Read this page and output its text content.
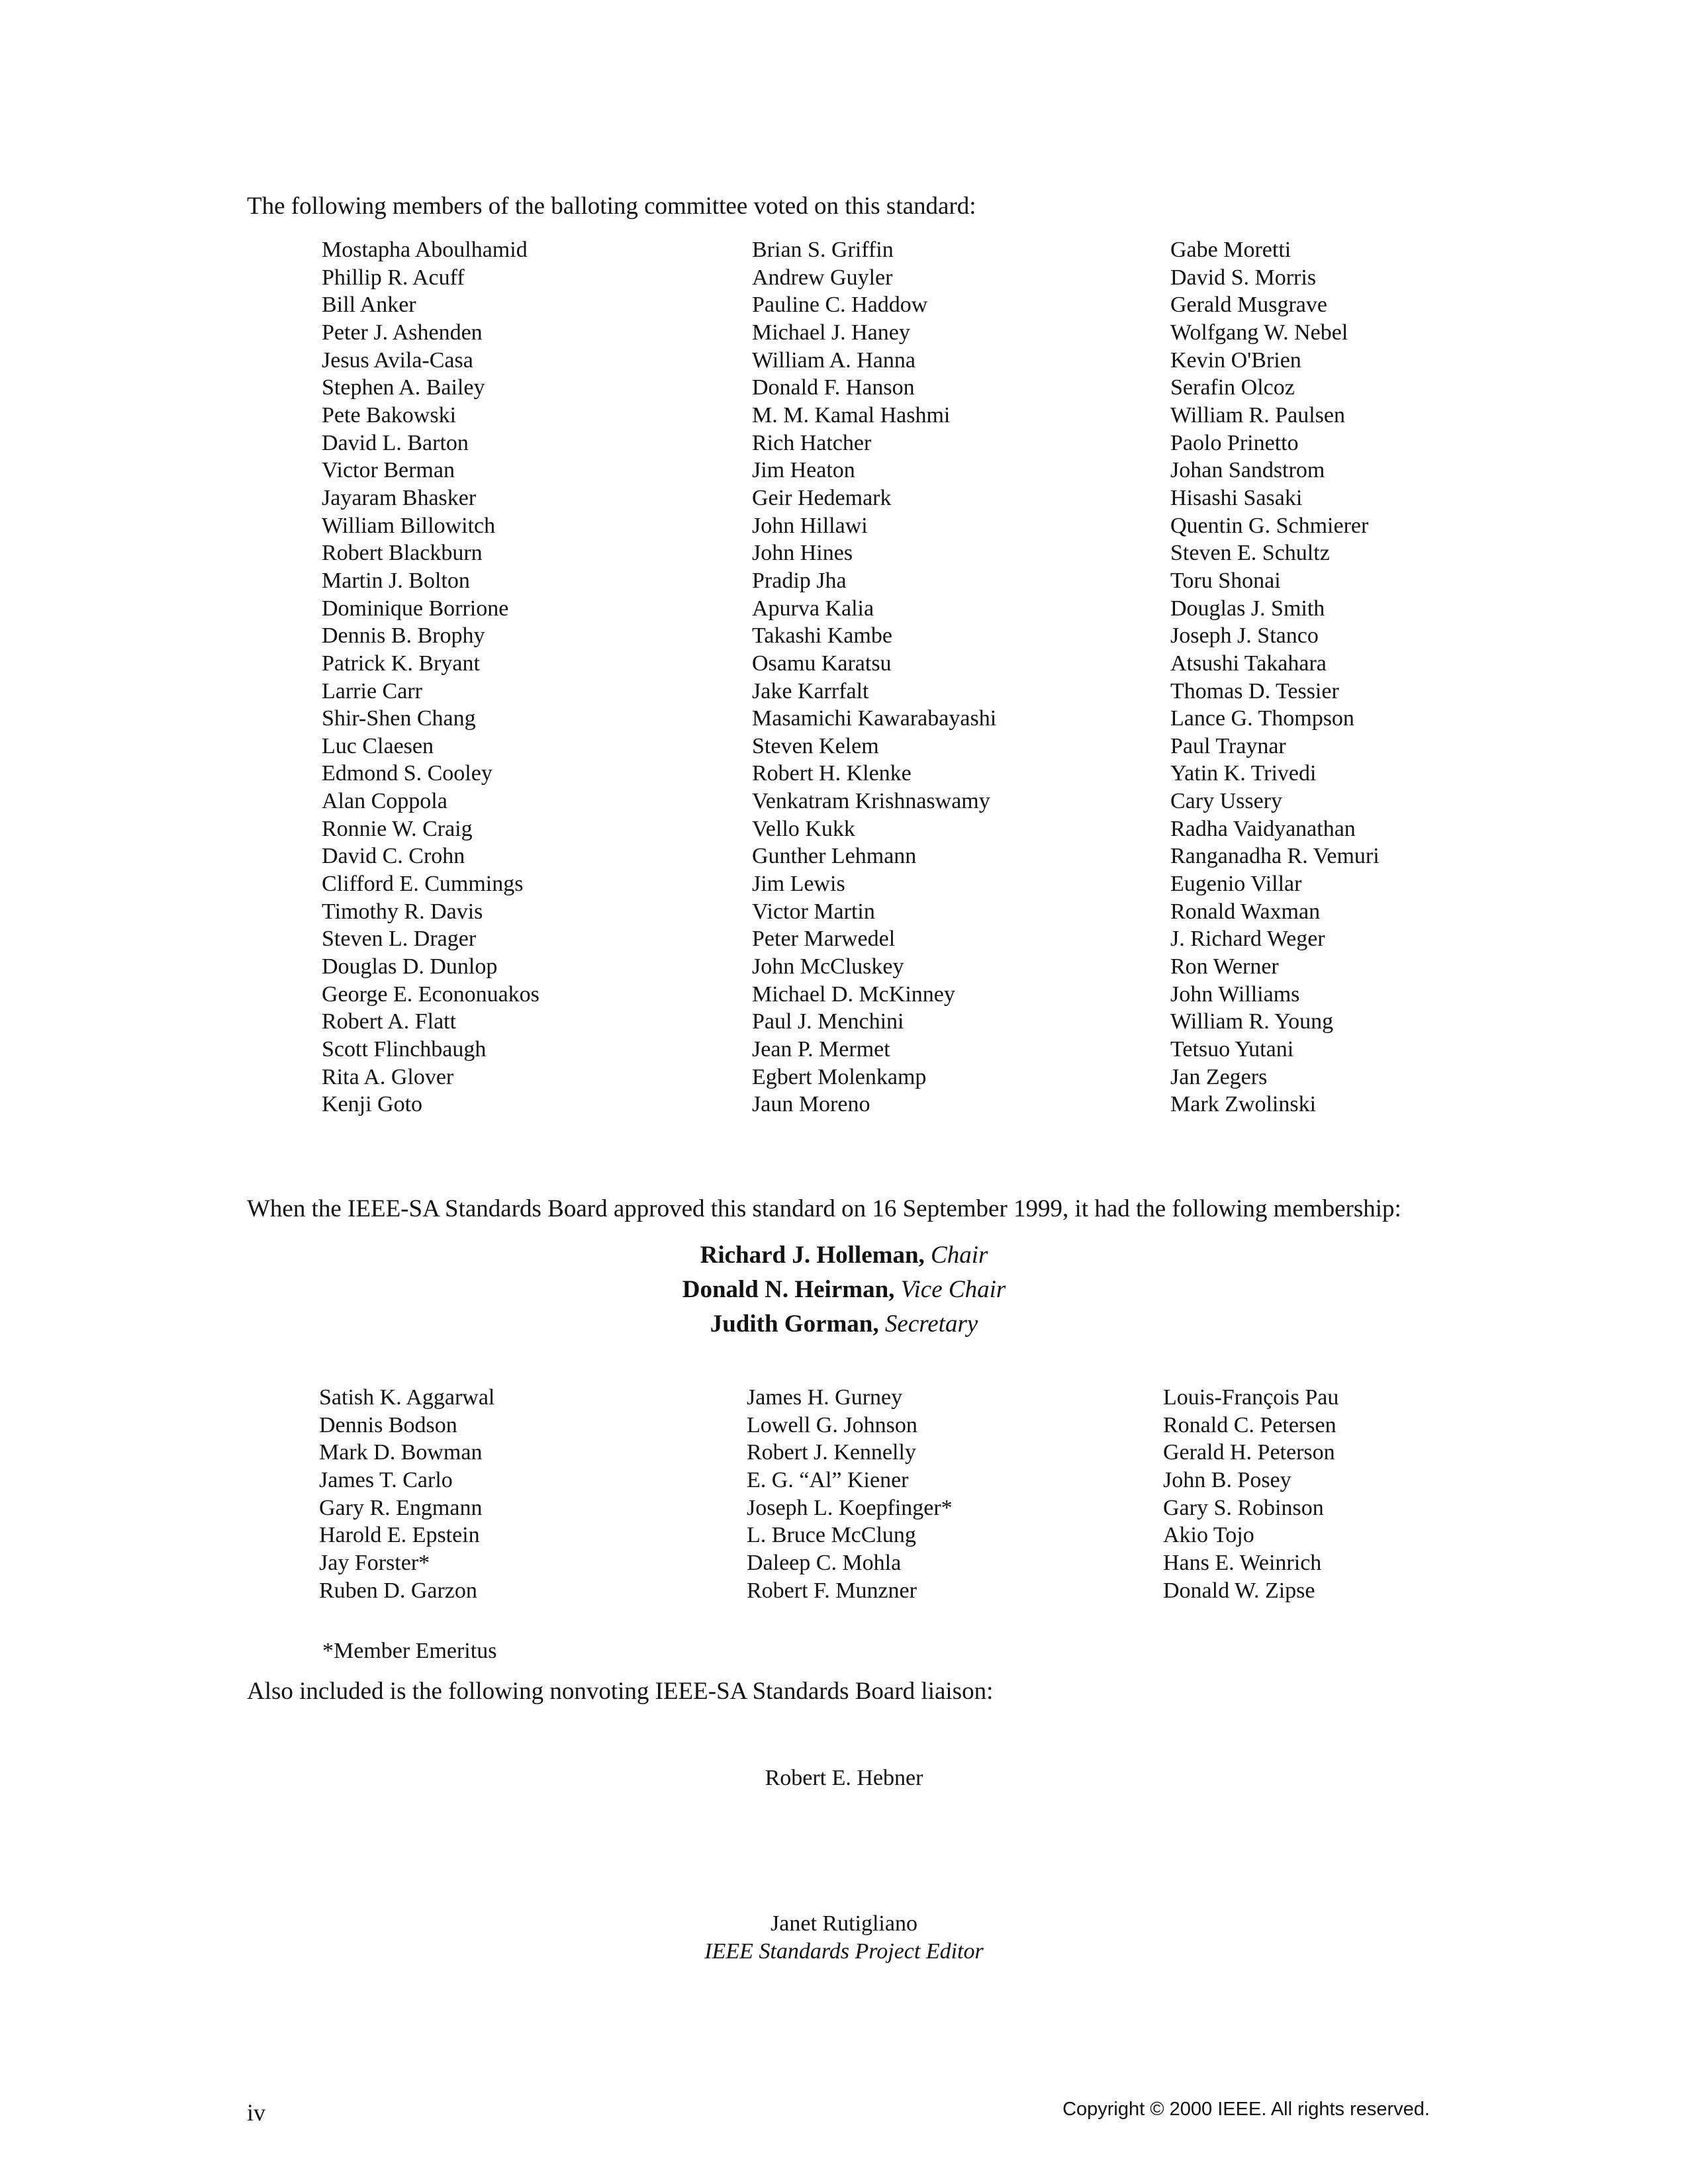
The following members of the balloting committee voted on this standard:

Mostapha Aboulhamid
Phillip R. Acuff
Bill Anker
Peter J. Ashenden
Jesus Avila-Casa
Stephen A. Bailey
Pete Bakowski
David L. Barton
Victor Berman
Jayaram Bhasker
William Billowitch
Robert Blackburn
Martin J. Bolton
Dominique Borrione
Dennis B. Brophy
Patrick K. Bryant
Larrie Carr
Shir-Shen Chang
Luc Claesen
Edmond S. Cooley
Alan Coppola
Ronnie W. Craig
David C. Crohn
Clifford E. Cummings
Timothy R. Davis
Steven L. Drager
Douglas D. Dunlop
George E. Econonuakos
Robert A. Flatt
Scott Flinchbaugh
Rita A. Glover
Kenji Goto
Brian S. Griffin
Andrew Guyler
Pauline C. Haddow
Michael J. Haney
William A. Hanna
Donald F. Hanson
M. M. Kamal Hashmi
Rich Hatcher
Jim Heaton
Geir Hedemark
John Hillawi
John Hines
Pradip Jha
Apurva Kalia
Takashi Kambe
Osamu Karatsu
Jake Karrfalt
Masamichi Kawarabayashi
Steven Kelem
Robert H. Klenke
Venkatram Krishnaswamy
Vello Kukk
Gunther Lehmann
Jim Lewis
Victor Martin
Peter Marwedel
John McCluskey
Michael D. McKinney
Paul J. Menchini
Jean P. Mermet
Egbert Molenkamp
Jaun Moreno
Gabe Moretti
David S. Morris
Gerald Musgrave
Wolfgang W. Nebel
Kevin O'Brien
Serafin Olcoz
William R. Paulsen
Paolo Prinetto
Johan Sandstrom
Hisashi Sasaki
Quentin G. Schmierer
Steven E. Schultz
Toru Shonai
Douglas J. Smith
Joseph J. Stanco
Atsushi Takahara
Thomas D. Tessier
Lance G. Thompson
Paul Traynar
Yatin K. Trivedi
Cary Ussery
Radha Vaidyanathan
Ranganadha R. Vemuri
Eugenio Villar
Ronald Waxman
J. Richard Weger
Ron Werner
John Williams
William R. Young
Tetsuo Yutani
Jan Zegers
Mark Zwolinski

When the IEEE-SA Standards Board approved this standard on 16 September 1999, it had the following membership:

Richard J. Holleman, Chair
Donald N. Heirman, Vice Chair
Judith Gorman, Secretary
Satish K. Aggarwal
Dennis Bodson
Mark D. Bowman
James T. Carlo
Gary R. Engmann
Harold E. Epstein
Jay Forster*
Ruben D. Garzon
James H. Gurney
Lowell G. Johnson
Robert J. Kennelly
E. G. “Al” Kiener
Joseph L. Koepfinger*
L. Bruce McClung
Daleep C. Mohla
Robert F. Munzner
Louis-François Pau
Ronald C. Petersen
Gerald H. Peterson
John B. Posey
Gary S. Robinson
Akio Tojo
Hans E. Weinrich
Donald W. Zipse

*Member Emeritus

Also included is the following nonvoting IEEE-SA Standards Board liaison:

Robert E. Hebner

Janet Rutigliano

IEEE Standards Project Editor

iv	Copyright © 2000 IEEE. All rights reserved.
